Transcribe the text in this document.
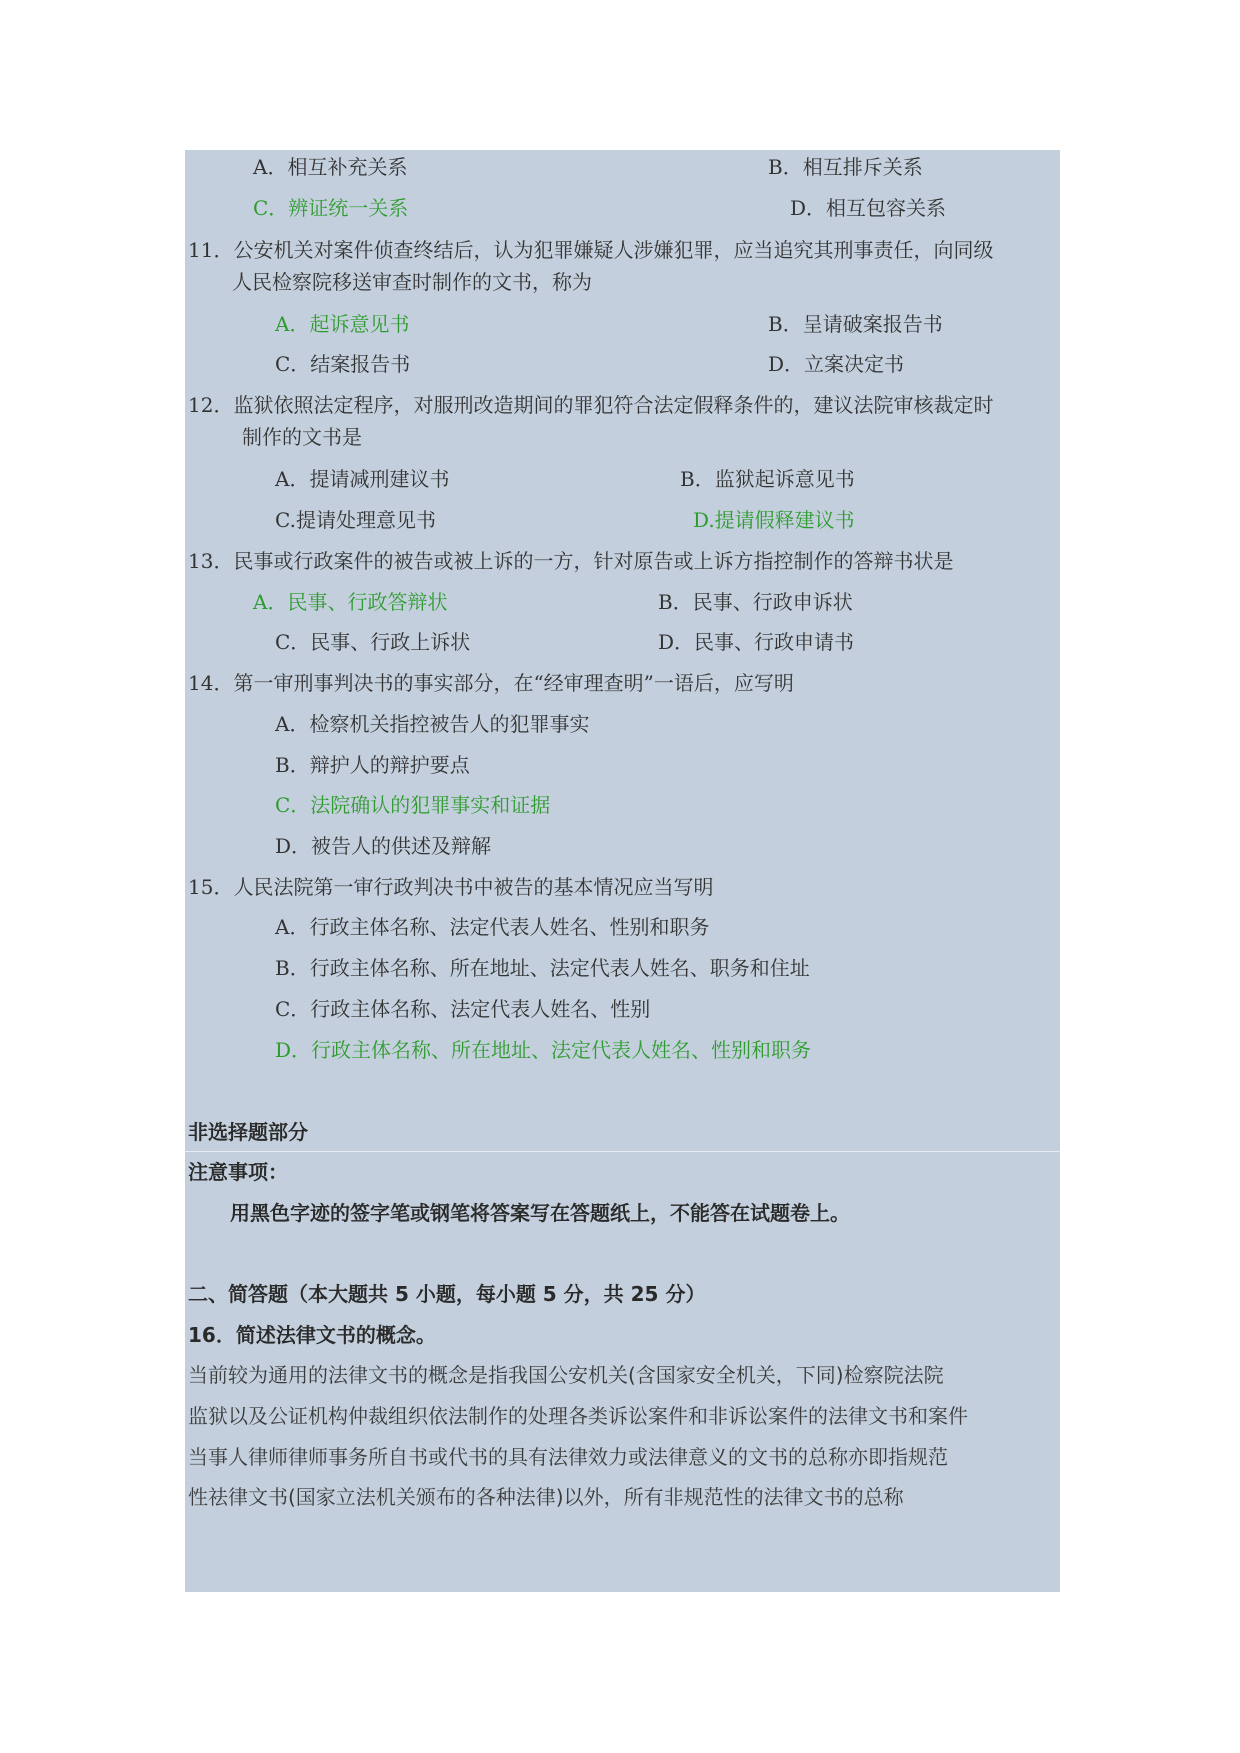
A．相互补充关系	B．相互排斥关系
C．辨证统一关系	D．相互包容关系
11．公安机关对案件侦查终结后，认为犯罪嫌疑人涉嫌犯罪，应当追究其刑事责任，向同级
人民检察院移送审查时制作的文书，称为
A．起诉意见书	B．呈请破案报告书
C．结案报告书	D．立案决定书
12．监狱依照法定程序，对服刑改造期间的罪犯符合法定假释条件的，建议法院审核裁定时
制作的文书是
A．提请减刑建议书	B．监狱起诉意见书
C.提请处理意见书	D.提请假释建议书
13．民事或行政案件的被告或被上诉的一方，针对原告或上诉方指控制作的答辩书状是
A．民事、行政答辩状	B．民事、行政申诉状
C．民事、行政上诉状	D．民事、行政申请书
14．第一审刑事判决书的事实部分，在“经审理查明”一语后，应写明
A．检察机关指控被告人的犯罪事实
B．辩护人的辩护要点
C．法院确认的犯罪事实和证据
D．被告人的供述及辩解
15．人民法院第一审行政判决书中被告的基本情况应当写明
A．行政主体名称、法定代表人姓名、性别和职务
B．行政主体名称、所在地址、法定代表人姓名、职务和住址
C．行政主体名称、法定代表人姓名、性别
D．行政主体名称、所在地址、法定代表人姓名、性别和职务
非选择题部分
注意事项：
用黑色字迹的签字笔或钢笔将答案写在答题纸上，不能答在试题卷上。
二、简答题（本大题共 5 小题，每小题 5 分，共 25 分）
16．简述法律文书的概念。
当前较为通用的法律文书的概念是指我国公安机关(含国家安全机关，下同)检察院法院
监狱以及公证机构仲裁组织依法制作的处理各类诉讼案件和非诉讼案件的法律文书和案件
当事人律师律师事务所自书或代书的具有法律效力或法律意义的文书的总称亦即指规范
性祛律文书(国家立法机关颁布的各种法律)以外，所有非规范性的法律文书的总称
